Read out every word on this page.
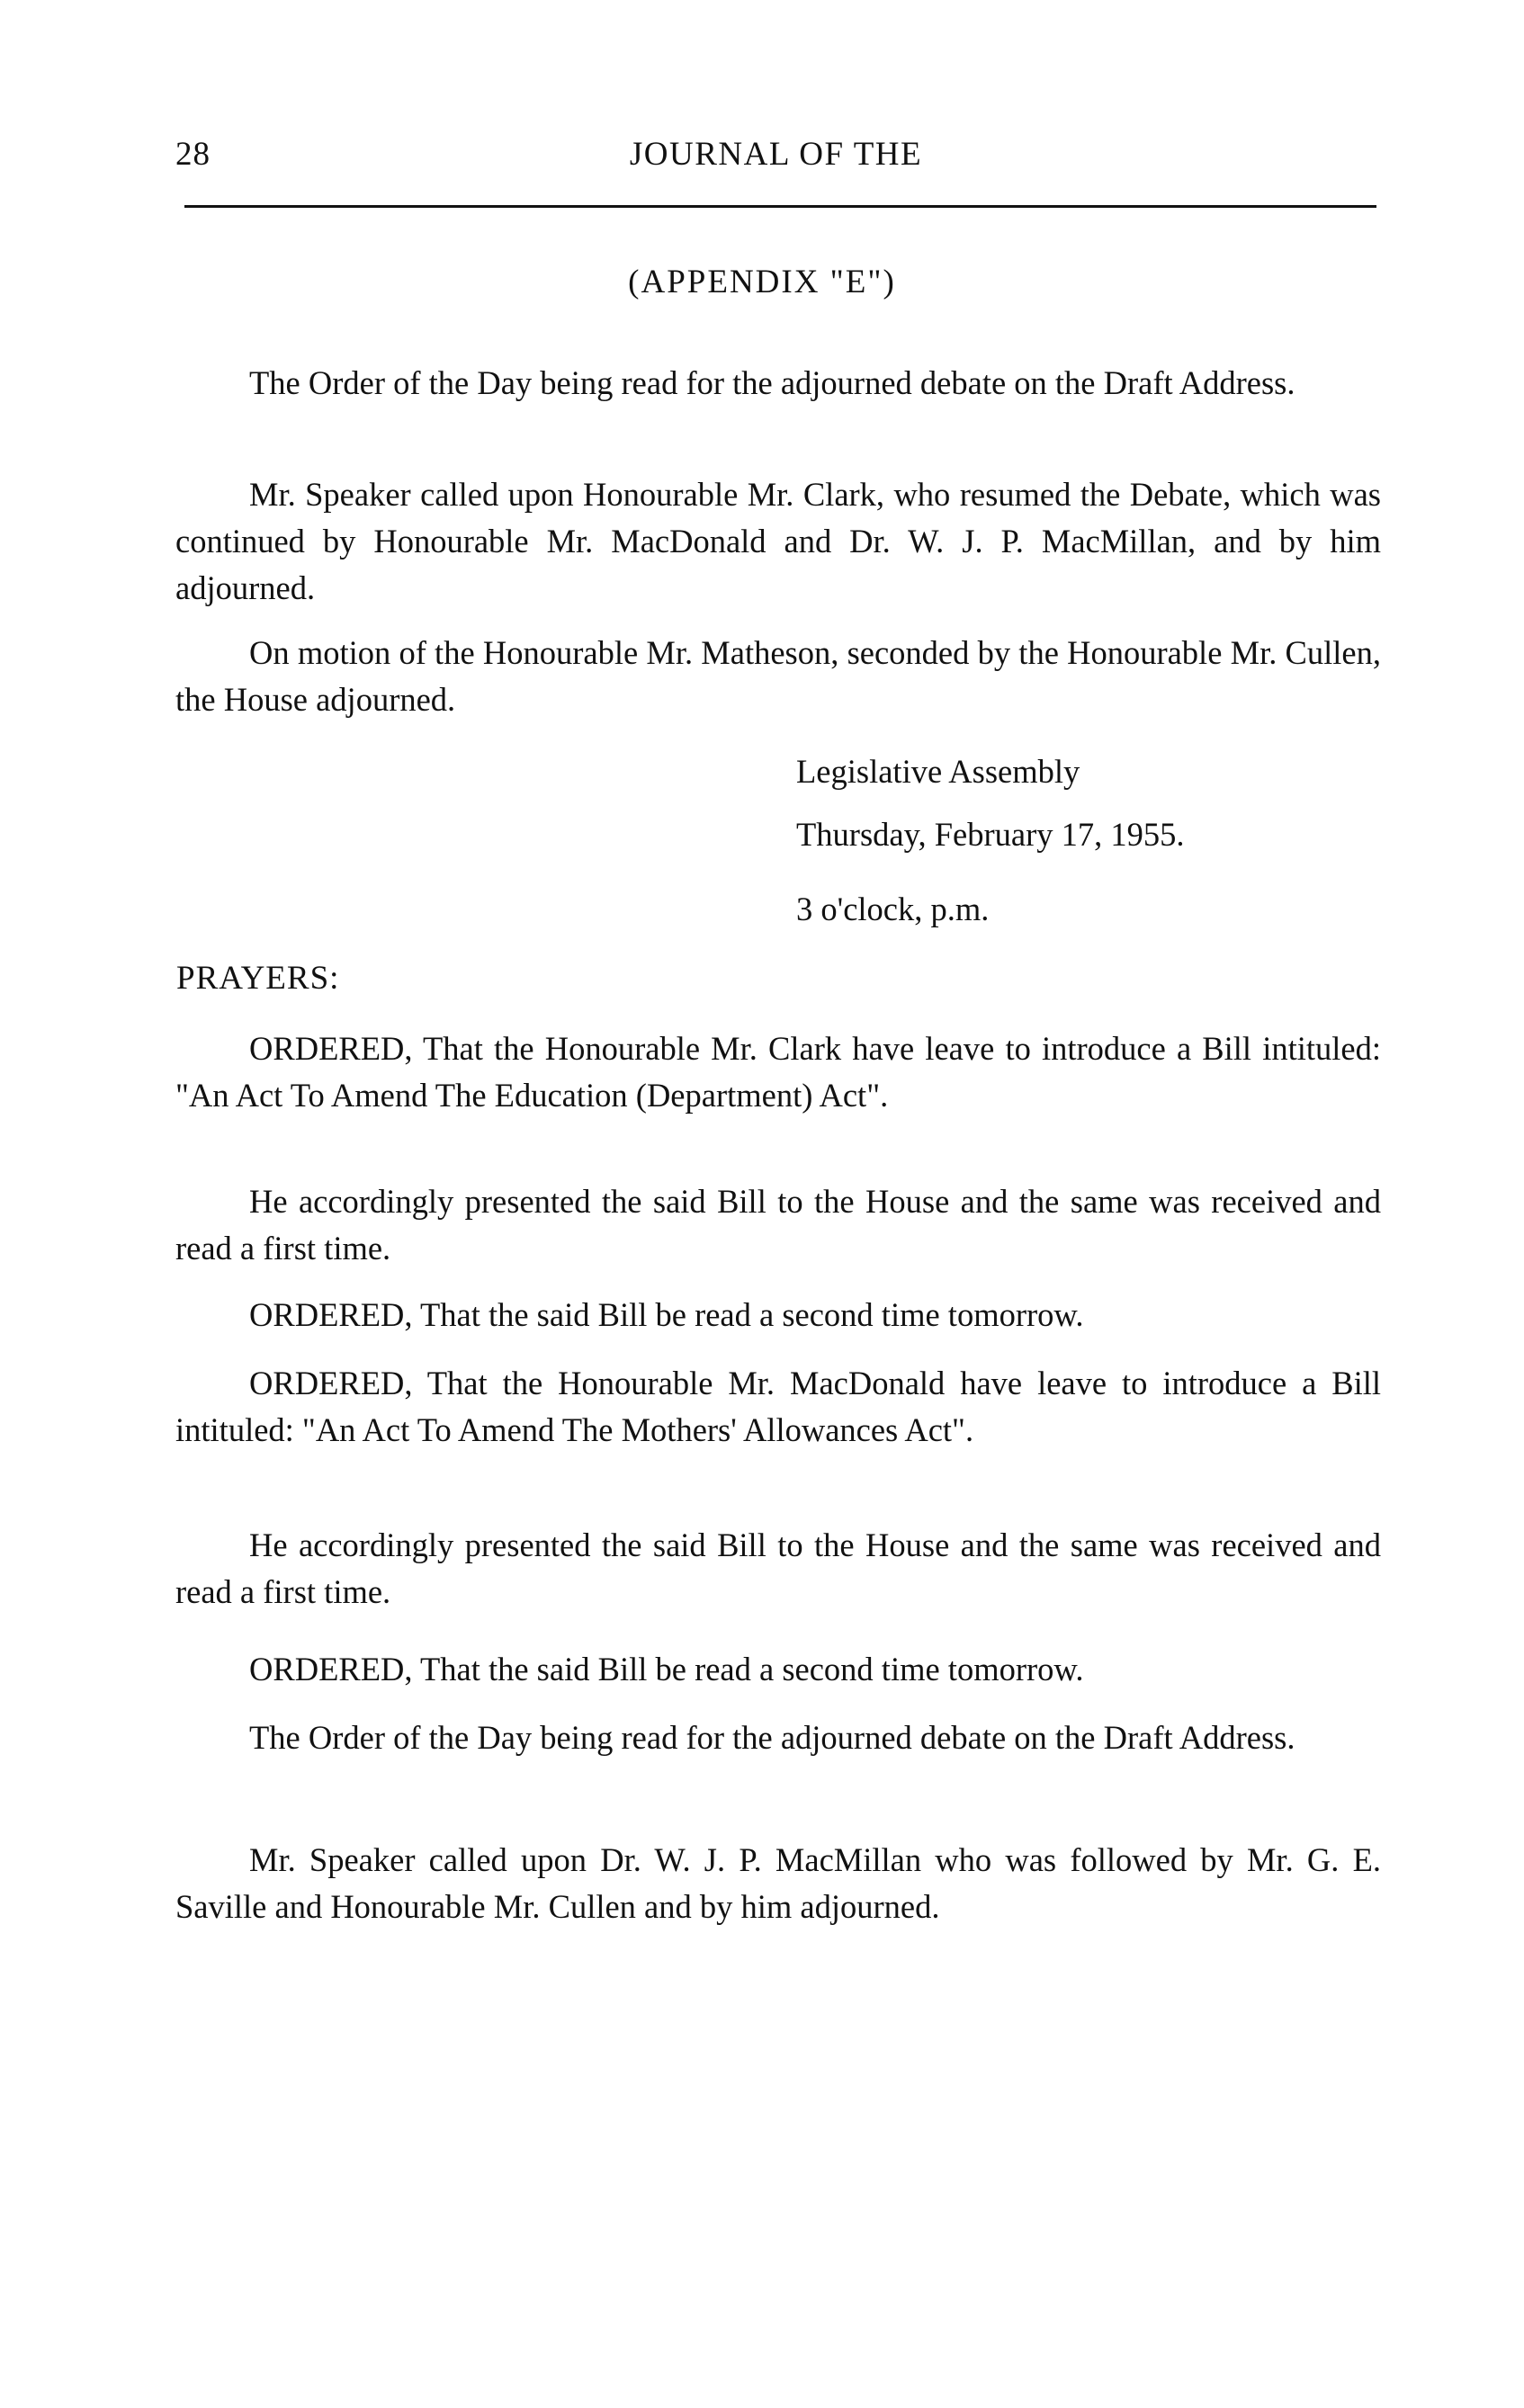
28	JOURNAL OF THE
(APPENDIX "E")

The Order of the Day being read for the adjourned debate on the Draft Address.

Mr. Speaker called upon Honourable Mr. Clark, who resumed the Debate, which was continued by Honourable Mr. MacDonald and Dr. W. J. P. MacMillan, and by him adjourned.

On motion of the Honourable Mr. Matheson, seconded by the Honourable Mr. Cullen, the House adjourned.

Legislative Assembly

Thursday, February 17, 1955.

3 o'clock, p.m.

PRAYERS:

ORDERED, That the Honourable Mr. Clark have leave to introduce a Bill intituled: "An Act To Amend The Education (Department) Act".

He accordingly presented the said Bill to the House and the same was received and read a first time.

ORDERED, That the said Bill be read a second time tomorrow.

ORDERED, That the Honourable Mr. MacDonald have leave to introduce a Bill intituled: "An Act To Amend The Mothers' Allowances Act".

He accordingly presented the said Bill to the House and the same was received and read a first time.

ORDERED, That the said Bill be read a second time tomorrow.

The Order of the Day being read for the adjourned debate on the Draft Address.

Mr. Speaker called upon Dr. W. J. P. MacMillan who was followed by Mr. G. E. Saville and Honourable Mr. Cullen and by him adjourned.
